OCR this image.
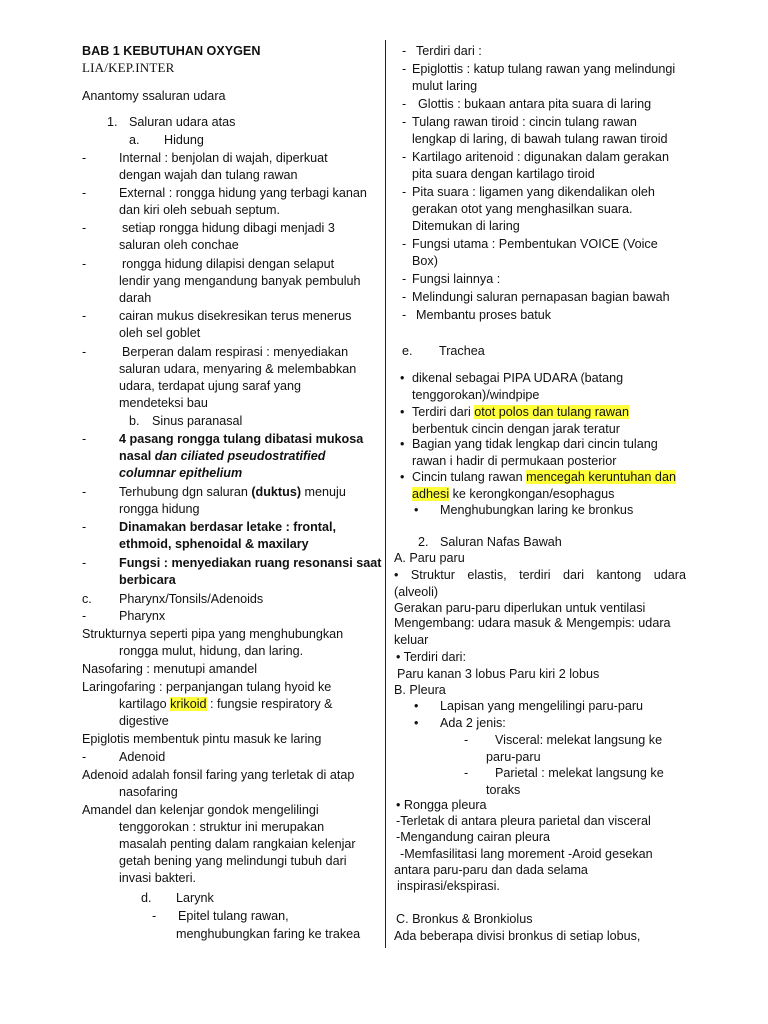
BAB 1 KEBUTUHAN OXYGEN
LIA/KEP.INTER
Anantomy ssaluran udara
1. Saluran udara atas
a. Hidung
-	Internal : benjolan di wajah, diperkuat
dengan wajah dan tulang rawan
-	External : rongga hidung yang terbagi kanan
dan kiri oleh sebuah septum.
-	setiap rongga hidung dibagi menjadi 3
saluran oleh conchae
-	rongga hidung dilapisi dengan selaput
lendir yang mengandung banyak pembuluh
darah
-	cairan mukus disekresikan terus menerus
oleh sel goblet
-	Berperan dalam respirasi : menyediakan
saluran udara, menyaring & melembabkan
udara, terdapat ujung saraf yang
mendeteksi bau
b. Sinus paranasal
-	4 pasang rongga tulang dibatasi mukosa
nasal dan ciliated pseudostratified
columnar epithelium
-	Terhubung dgn saluran (duktus) menuju
rongga hidung
-	Dinamakan berdasar letake : frontal,
ethmoid, sphenoidal & maxilary
-	Fungsi : menyediakan ruang resonansi saat
berbicara
c. Pharynx/Tonsils/Adenoids
-	Pharynx
Strukturnya seperti pipa yang menghubungkan
rongga mulut, hidung, dan laring.
Nasofaring : menutupi amandel
Laringofaring : perpanjangan tulang hyoid ke
kartilago krikoid : fungsie respiratory &
digestive
Epiglotis membentuk pintu masuk ke laring
-	Adenoid
Adenoid adalah fonsil faring yang terletak di atap
nasofaring
Amandel dan kelenjar gondok mengelilingi
tenggorokan : struktur ini merupakan
masalah penting dalam rangkaian kelenjar
getah bening yang melindungi tubuh dari
invasi bakteri.
d. Larynk
- Epitel tulang rawan,
menghubungkan faring ke trakea
- Terdiri dari :
- Epiglottis : katup tulang rawan yang melindungi
mulut laring
- Glottis : bukaan antara pita suara di laring
- Tulang rawan tiroid : cincin tulang rawan
lengkap di laring, di bawah tulang rawan tiroid
- Kartilago aritenoid : digunakan dalam gerakan
pita suara dengan kartilago tiroid
- Pita suara : ligamen yang dikendalikan oleh
gerakan otot yang menghasilkan suara.
Ditemukan di laring
- Fungsi utama : Pembentukan VOICE (Voice
Box)
- Fungsi lainnya :
- Melindungi saluran pernapasan bagian bawah
- Membantu proses batuk
e. Trachea
• dikenal sebagai PIPA UDARA (batang
tenggorokan)/windpipe
• Terdiri dari otot polos dan tulang rawan
berbentuk cincin dengan jarak teratur
• Bagian yang tidak lengkap dari cincin tulang
rawan i hadir di permukaan posterior
• Cincin tulang rawan mencegah keruntuhan dan
adhesi ke kerongkongan/esophagus
• Menghubungkan laring ke bronkus
2. Saluran Nafas Bawah
A. Paru paru
• Struktur elastis, terdiri dari kantong udara
(alveoli)
Gerakan paru-paru diperlukan untuk ventilasi
Mengembang: udara masuk & Mengempis: udara
keluar
• Terdiri dari:
Paru kanan 3 lobus Paru kiri 2 lobus
B. Pleura
• Lapisan yang mengelilingi paru-paru
• Ada 2 jenis:
- Visceral: melekat langsung ke
paru-paru
- Parietal : melekat langsung ke
toraks
• Rongga pleura
-Terletak di antara pleura parietal dan visceral
-Mengandung cairan pleura
-Memfasilitasi lang morement -Aroid gesekan
antara paru-paru dan dada selama
inspirasi/ekspirasi.
C. Bronkus & Bronkiolus
Ada beberapa divisi bronkus di setiap lobus,
